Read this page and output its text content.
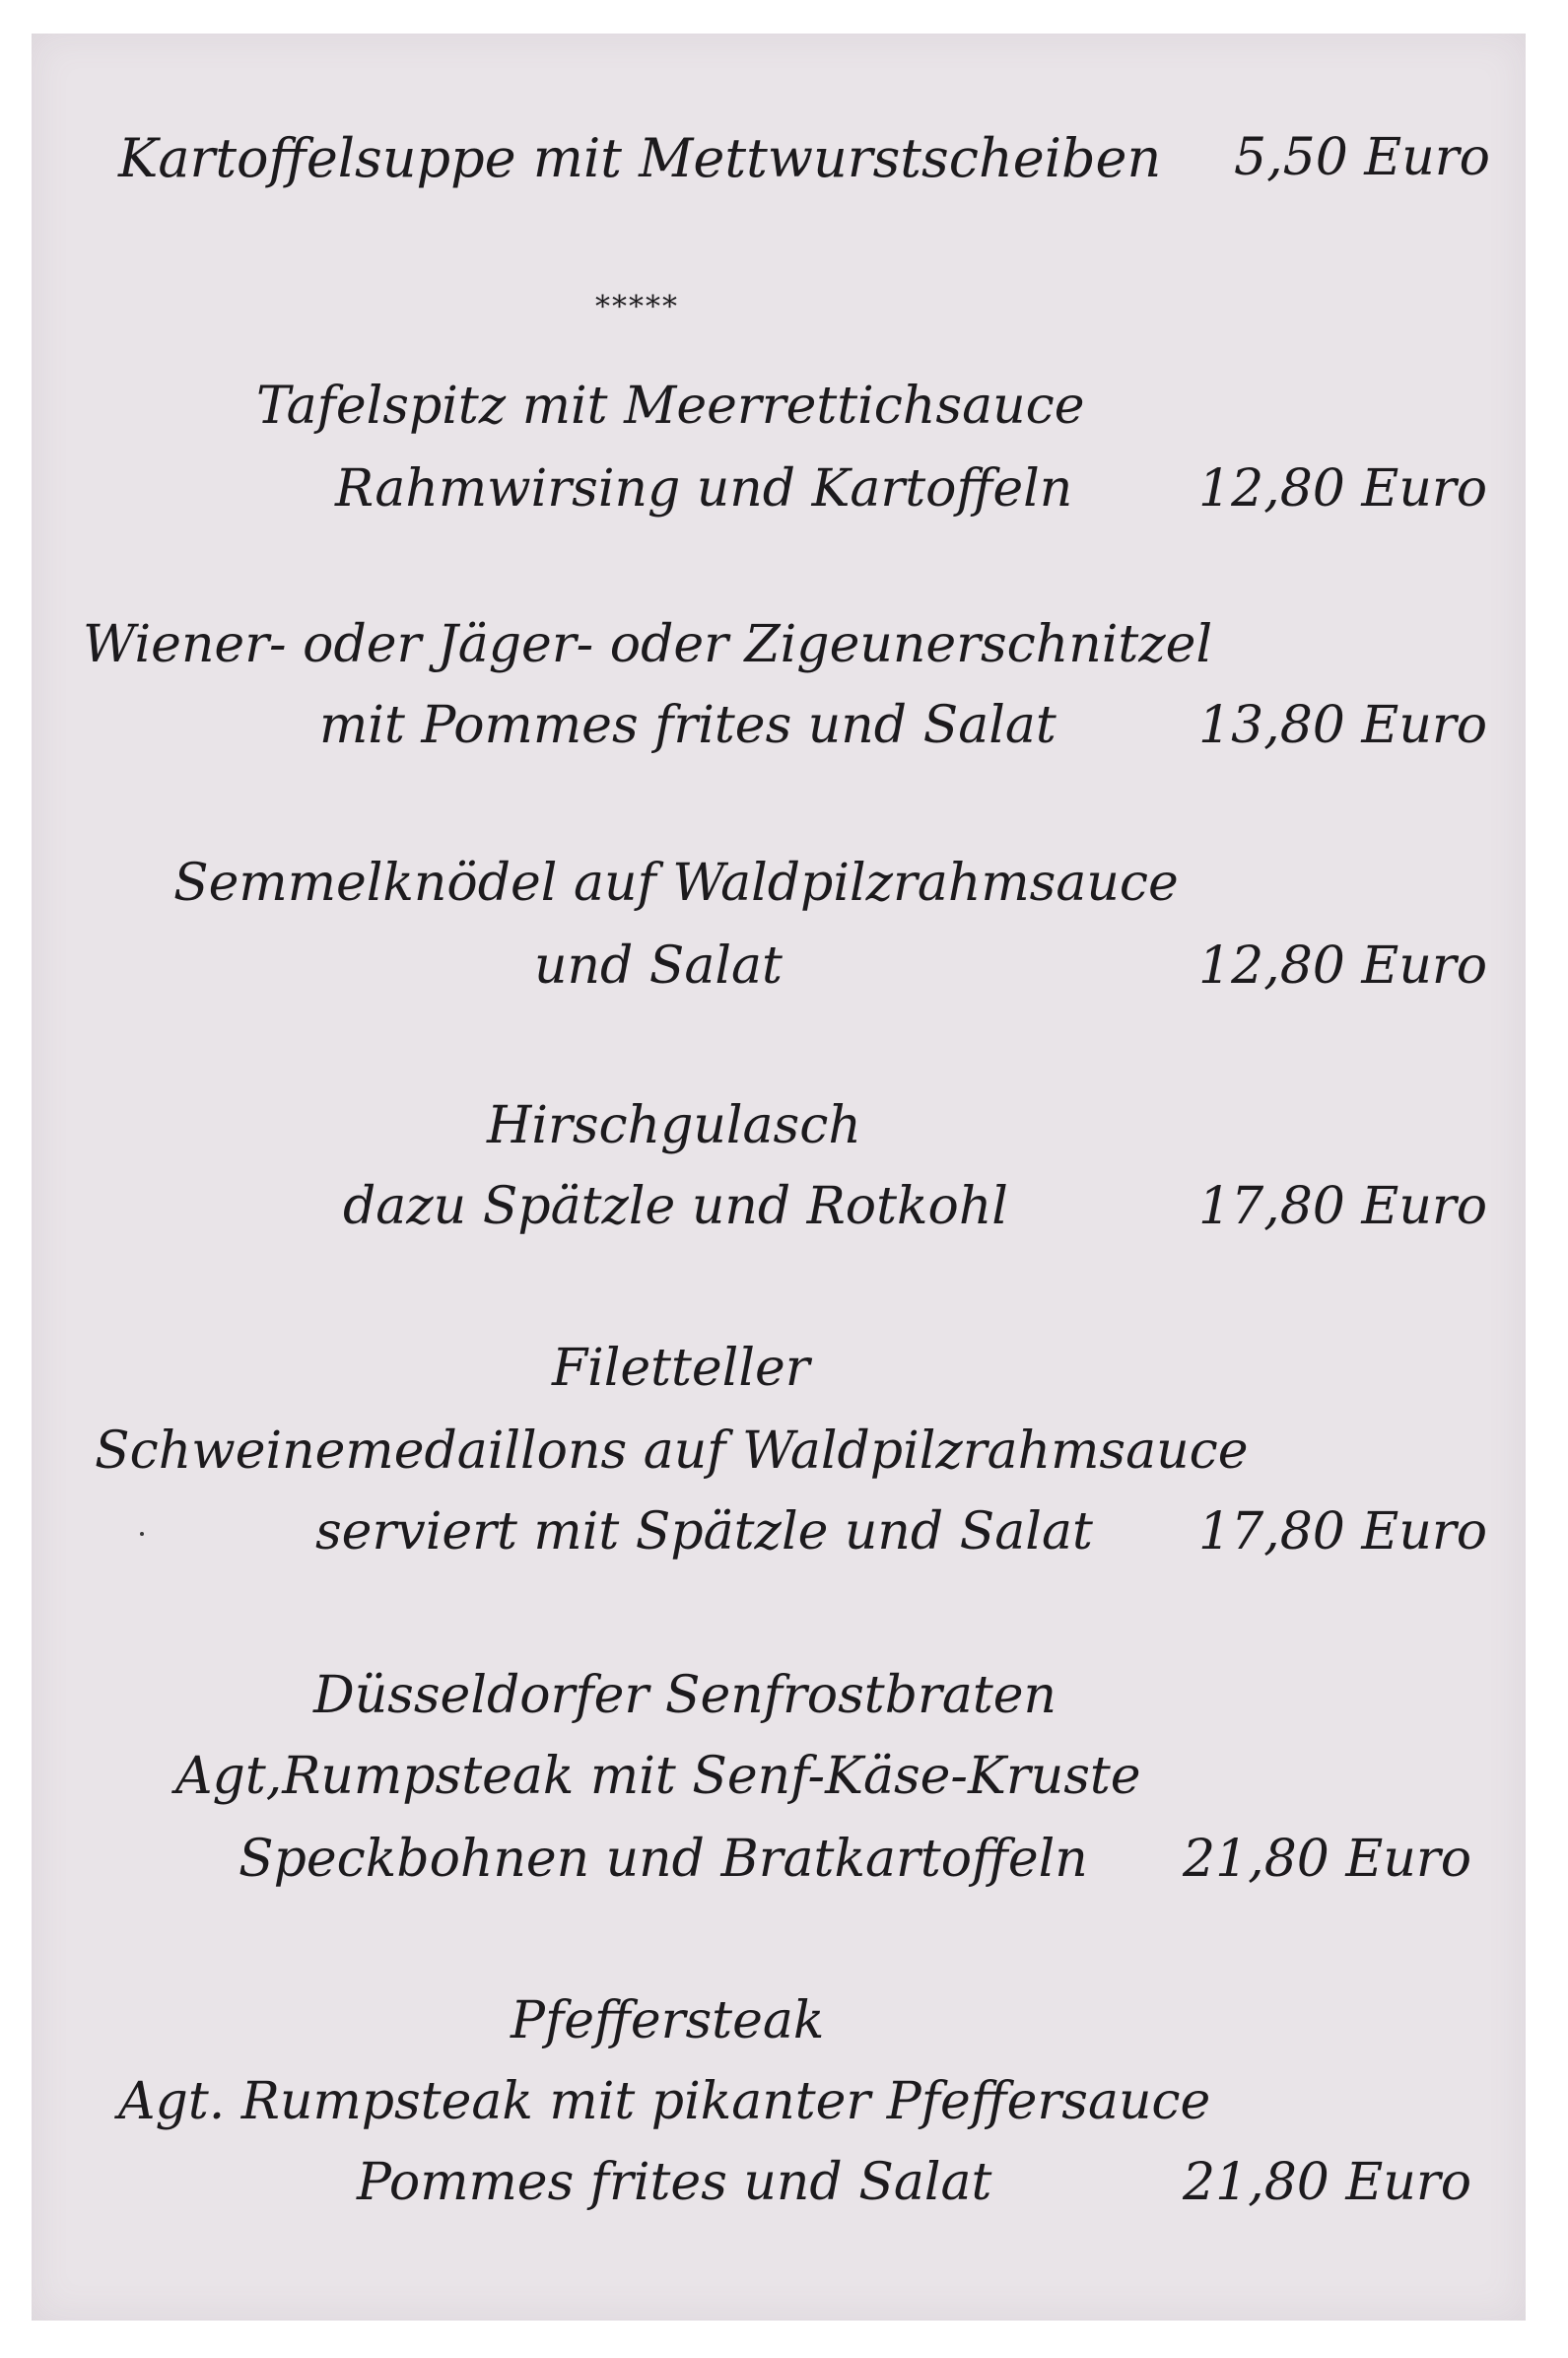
Kartoffelsuppe mit Mettwurstscheiben 5,50 Euro
*****
Tafelspitz mit Meerrettichsauce
Rahmwirsing und Kartoffeln 12,80 Euro
Wiener- oder Jäger- oder Zigeunerschnitzel
mit Pommes frites und Salat	13,80 Euro
Semmelknödel auf Waldpilzrahmsauce
und Salat	12,80 Euro
Hirschgulasch
dazu Spätzle und Rotkohl	17,80 Euro
Filetteller
Schweinemedaillons auf Waldpilzrahmsauce
serviert mit Spätzle und Salat 17,80 Euro
Düsseldorfer Senfrostbraten
Agt,Rumpsteak mit Senf-Käse-Kruste
Speckbohnen und Bratkartoffeln 21,80 Euro
Pfeffersteak
Agt. Rumpsteak mit pikanter Pfeffersauce
Pommes frites und Salat	21,80 Euro
